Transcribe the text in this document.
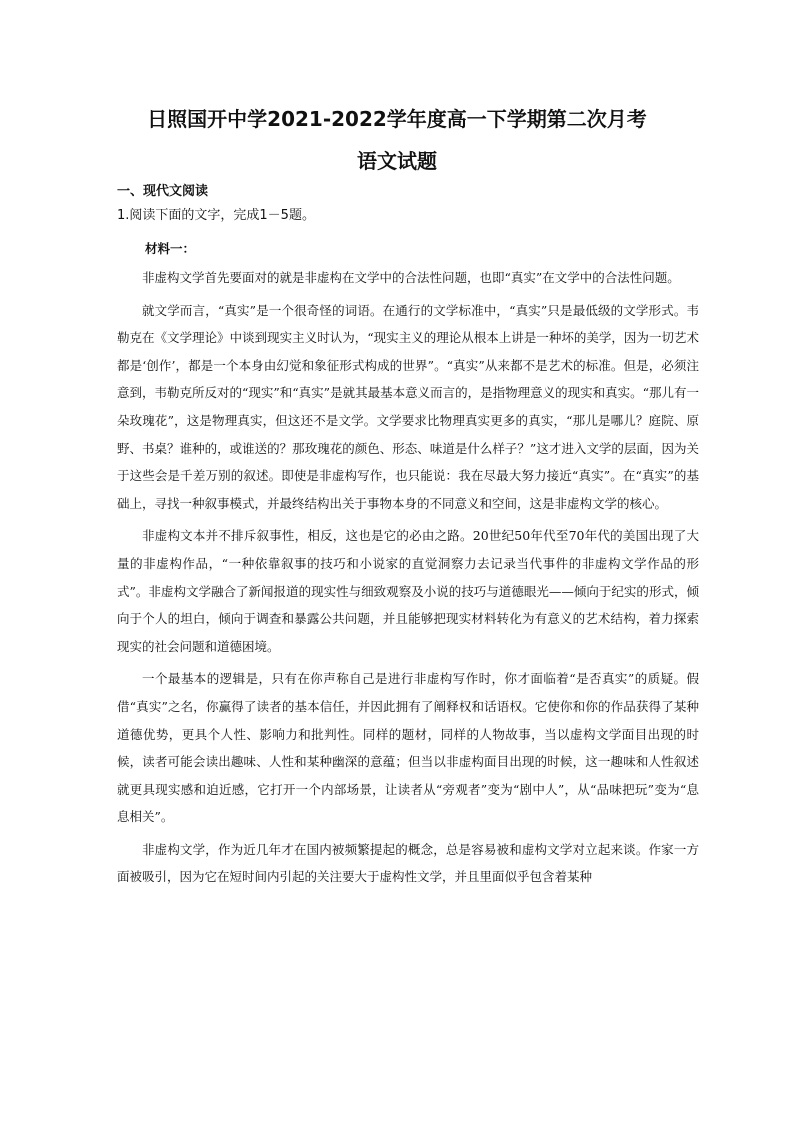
日照国开中学2021-2022学年度高一下学期第二次月考
语文试题
一、现代文阅读
1.阅读下面的文字，完成1－5题。
材料一：

非虚构文学首先要面对的就是非虚构在文学中的合法性问题，也即“真实”在文学中的合法性问题。

就文学而言，“真实”是一个很奇怪的词语。在通行的文学标准中，“真实”只是最低级的文学形式。韦勒克在《文学理论》中谈到现实主义时认为，“现实主义的理论从根本上讲是一种坏的美学，因为一切艺术都是‘创作’，都是一个本身由幻觉和象征形式构成的世界”。“真实”从来都不是艺术的标准。但是，必须注意到，韦勒克所反对的“现实”和“真实”是就其最基本意义而言的，是指物理意义的现实和真实。“那儿有一朵玫瑰花”，这是物理真实，但这还不是文学。文学要求比物理真实更多的真实，“那儿是哪儿？庭院、原野、书桌？谁种的，或谁送的？那玫瑰花的颜色、形态、味道是什么样子？”这才进入文学的层面，因为关于这些会是千差万别的叙述。即使是非虚构写作，也只能说：我在尽最大努力接近“真实”。在“真实”的基础上，寻找一种叙事模式，并最终结构出关于事物本身的不同意义和空间，这是非虚构文学的核心。

非虚构文本并不排斥叙事性，相反，这也是它的必由之路。20世纪50年代至70年代的美国出现了大量的非虚构作品，“一种依靠叙事的技巧和小说家的直觉洞察力去记录当代事件的非虚构文学作品的形式”。非虚构文学融合了新闻报道的现实性与细致观察及小说的技巧与道德眼光——倾向于纪实的形式，倾向于个人的坦白，倾向于调查和暴露公共问题，并且能够把现实材料转化为有意义的艺术结构，着力探索现实的社会问题和道德困境。

一个最基本的逻辑是，只有在你声称自己是进行非虚构写作时，你才面临着“是否真实”的质疑。假借“真实”之名，你赢得了读者的基本信任，并因此拥有了阐释权和话语权。它使你和你的作品获得了某种道德优势，更具个人性、影响力和批判性。同样的题材，同样的人物故事，当以虚构文学面目出现的时候，读者可能会读出趣味、人性和某种幽深的意蕴；但当以非虚构面目出现的时候，这一趣味和人性叙述就更具现实感和迫近感，它打开一个内部场景，让读者从“旁观者”变为“剧中人”，从“品味把玩”变为“息息相关”。

非虚构文学，作为近几年才在国内被频繁提起的概念，总是容易被和虚构文学对立起来谈。作家一方面被吸引，因为它在短时间内引起的关注要大于虚构性文学，并且里面似乎包含着某种
